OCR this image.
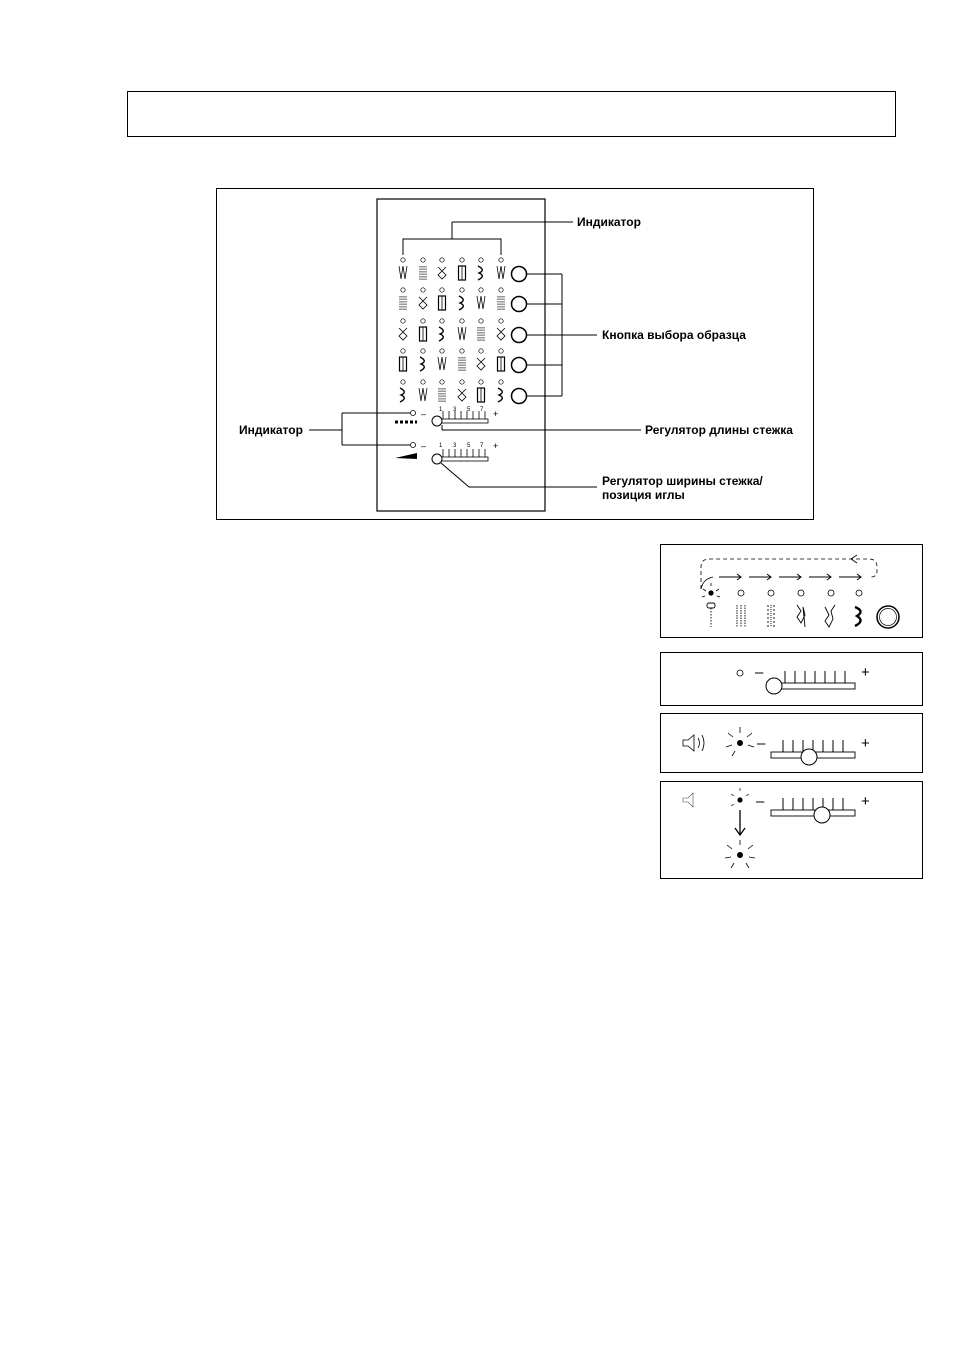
–	+
–	+
1 3 5 7
1 3 5 7
Индикатор
Кнопка выбора образца
Индикатор	Регулятор длины стежка
Регулятор ширины стежка/
позиция иглы
–	+
–	+
–	+
